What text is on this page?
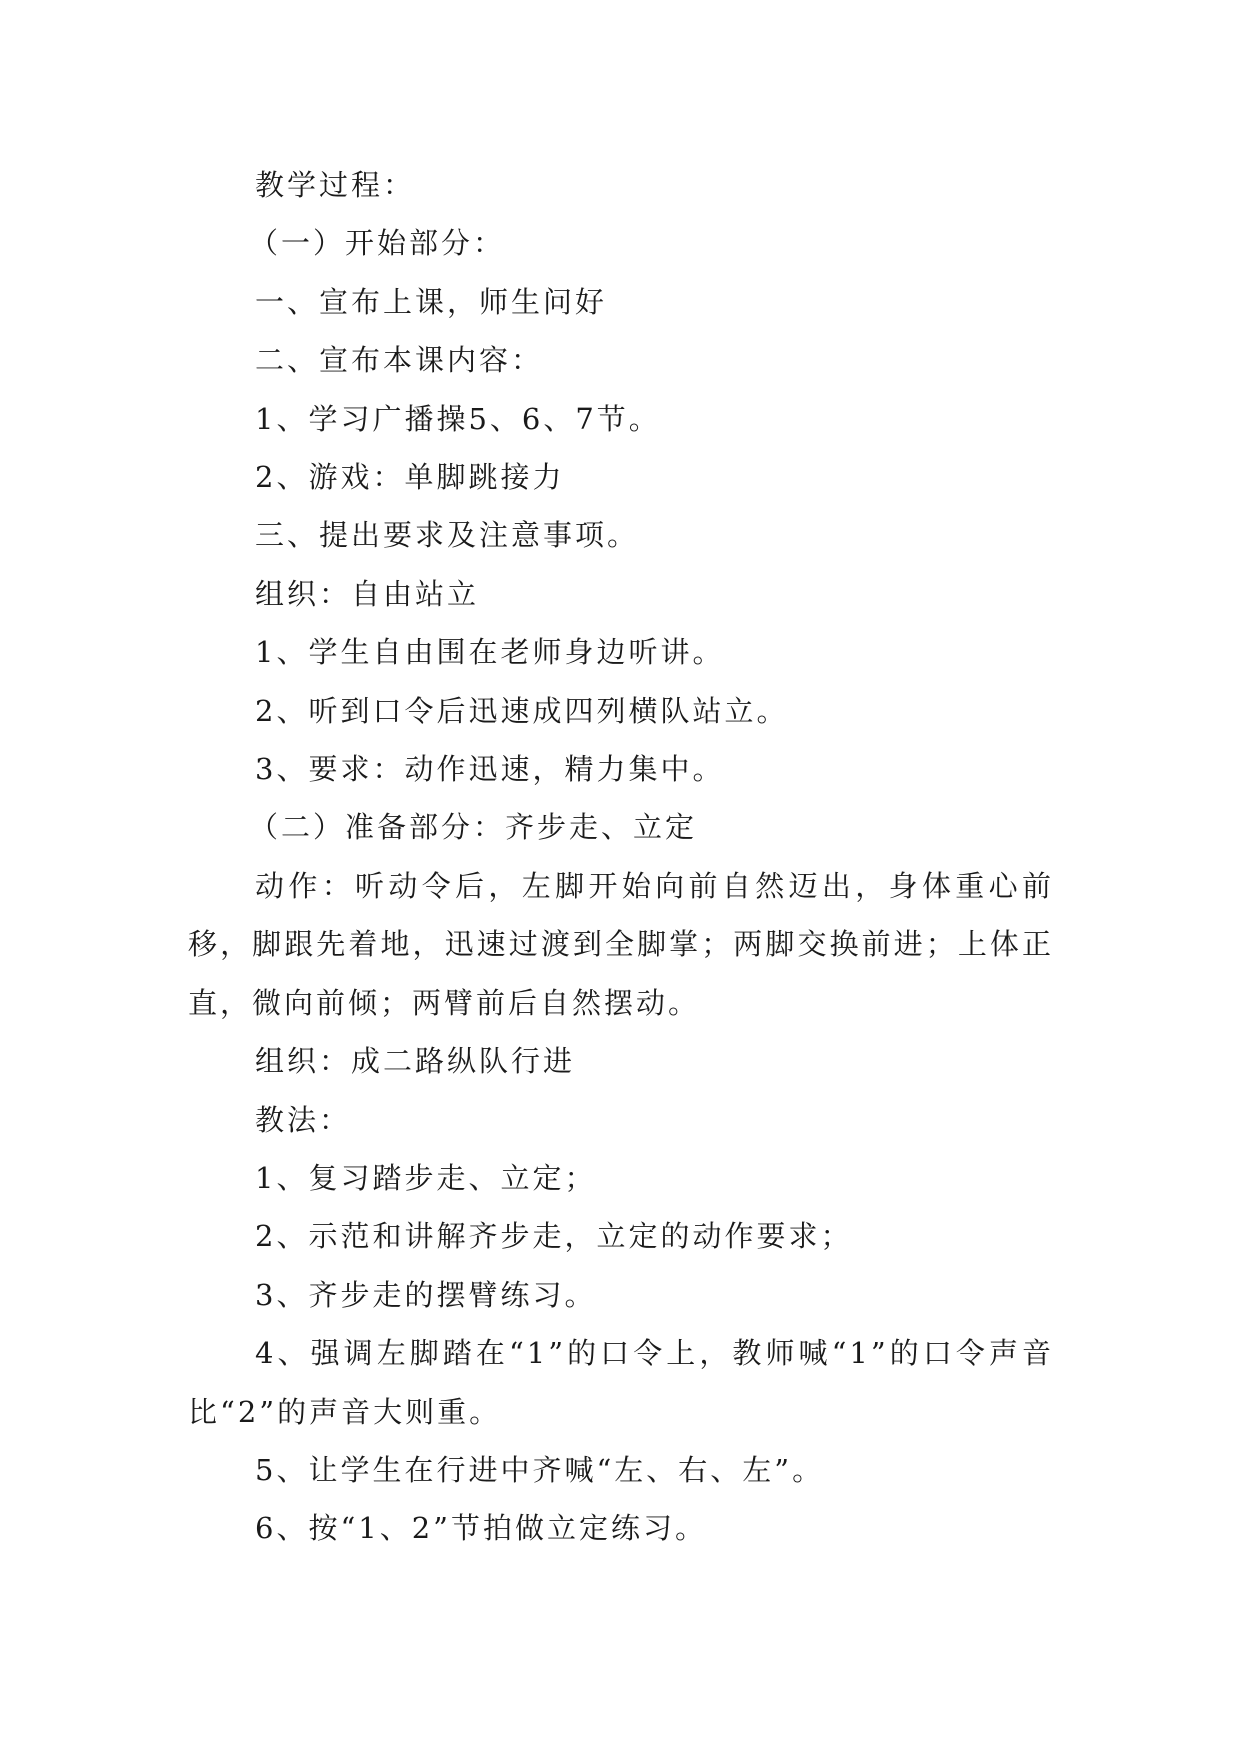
教学过程：

（一）开始部分：

一、宣布上课，师生问好

二、宣布本课内容：

1、学习广播操5、6、7节。

2、游戏：单脚跳接力

三、提出要求及注意事项。

组织：自由站立

1、学生自由围在老师身边听讲。

2、听到口令后迅速成四列横队站立。

3、要求：动作迅速，精力集中。

（二）准备部分：齐步走、立定

动作：听动令后，左脚开始向前自然迈出，身体重心前移，脚跟先着地，迅速过渡到全脚掌；两脚交换前进；上体正直，微向前倾；两臂前后自然摆动。

组织：成二路纵队行进

教法：

1、复习踏步走、立定；

2、示范和讲解齐步走，立定的动作要求；

3、齐步走的摆臂练习。

4、强调左脚踏在“1”的口令上，教师喊“1”的口令声音比“2”的声音大则重。

5、让学生在行进中齐喊“左、右、左”。

6、按“1、2”节拍做立定练习。
